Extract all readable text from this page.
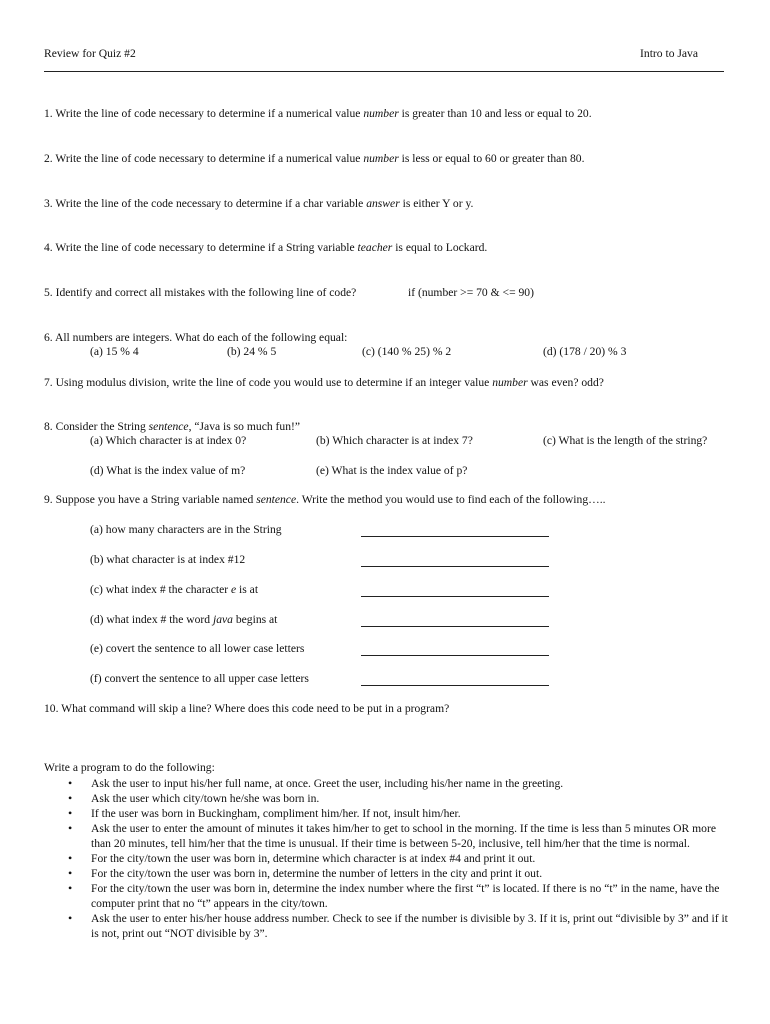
Review for Quiz #2	Intro to Java
1. Write the line of code necessary to determine if a numerical value number is greater than 10 and less or equal to 20.
2. Write the line of code necessary to determine if a numerical value number is less or equal to 60 or greater than 80.
3. Write the line of the code necessary to determine if a char variable answer is either Y or y.
4. Write the line of code necessary to determine if a String variable teacher is equal to Lockard.
5. Identify and correct all mistakes with the following line of code?	if (number >= 70 & <= 90)
6. All numbers are integers. What do each of the following equal:
(a) 15 % 4	(b) 24 % 5	(c) (140 % 25) % 2	(d) (178 / 20) % 3
7. Using modulus division, write the line of code you would use to determine if an integer value number was even? odd?
8. Consider the String sentence, “Java is so much fun!”
(a) Which character is at index 0?	(b) Which character is at index 7?	(c) What is the length of the string?
(d) What is the index value of m?	(e) What is the index value of p?
9. Suppose you have a String variable named sentence. Write the method you would use to find each of the following…..
(a) how many characters are in the String
(b) what character is at index #12
(c) what index # the character e is at
(d) what index # the word java begins at
(e) covert the sentence to all lower case letters
(f) convert the sentence to all upper case letters
10. What command will skip a line? Where does this code need to be put in a program?
Write a program to do the following:
• Ask the user to input his/her full name, at once. Greet the user, including his/her name in the greeting.
• Ask the user which city/town he/she was born in.
• If the user was born in Buckingham, compliment him/her. If not, insult him/her.
• Ask the user to enter the amount of minutes it takes him/her to get to school in the morning. If the time is less than 5 minutes OR more than 20 minutes, tell him/her that the time is unusual. If their time is between 5-20, inclusive, tell him/her that the time is normal.
• For the city/town the user was born in, determine which character is at index #4 and print it out.
• For the city/town the user was born in, determine the number of letters in the city and print it out.
• For the city/town the user was born in, determine the index number where the first “t” is located. If there is no “t” in the name, have the computer print that no “t” appears in the city/town.
• Ask the user to enter his/her house address number. Check to see if the number is divisible by 3. If it is, print out “divisible by 3” and if it is not, print out “NOT divisible by 3”.
